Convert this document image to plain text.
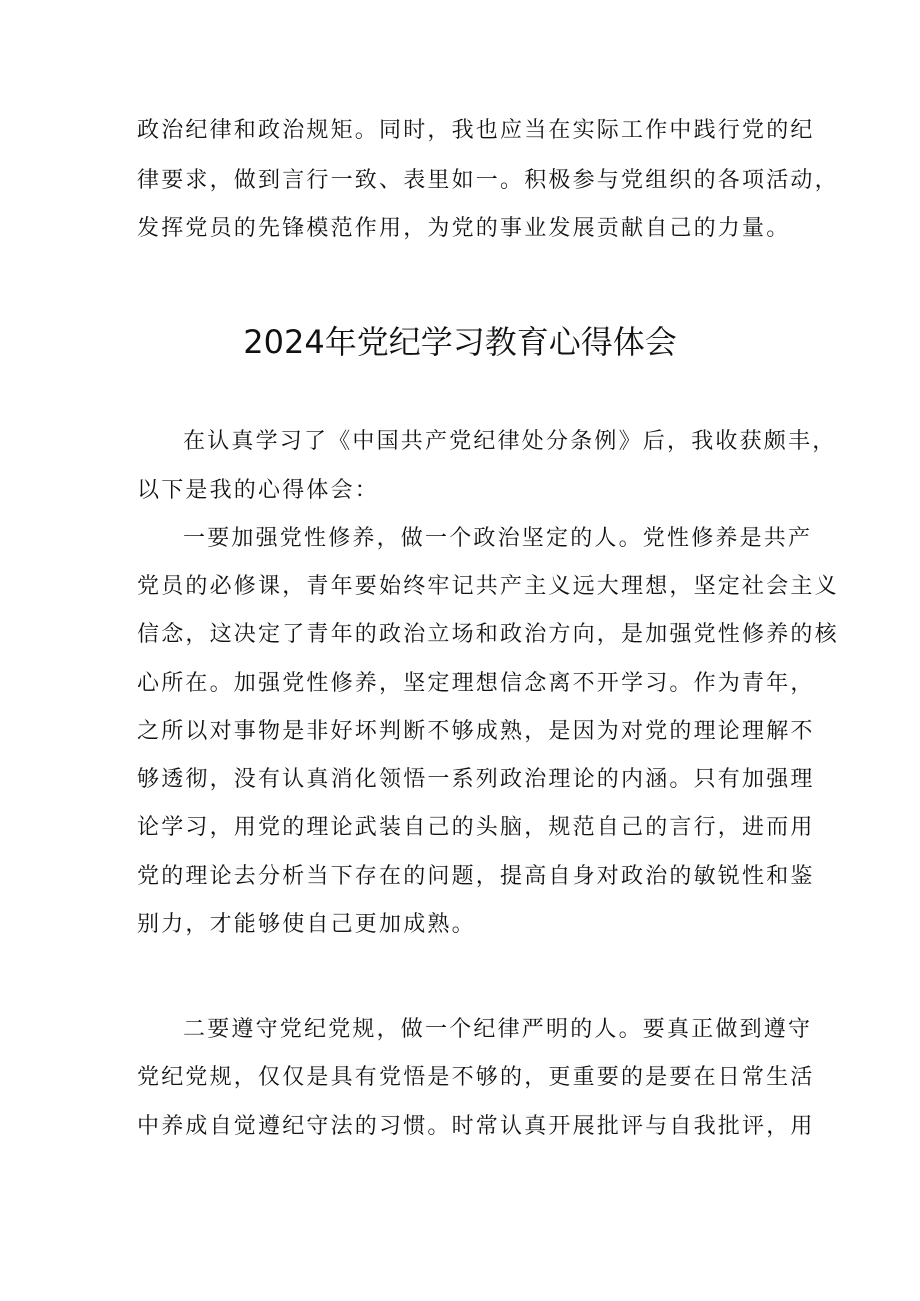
政治纪律和政治规矩。同时，我也应当在实际工作中践行党的纪
律要求，做到言行一致、表里如一。积极参与党组织的各项活动，
发挥党员的先锋模范作用，为党的事业发展贡献自己的力量。
2024年党纪学习教育心得体会
在认真学习了《中国共产党纪律处分条例》后，我收获颇丰，
以下是我的心得体会：
一要加强党性修养，做一个政治坚定的人。党性修养是共产
党员的必修课，青年要始终牢记共产主义远大理想，坚定社会主义
信念，这决定了青年的政治立场和政治方向，是加强党性修养的核
心所在。加强党性修养，坚定理想信念离不开学习。作为青年，
之所以对事物是非好坏判断不够成熟，是因为对党的理论理解不
够透彻，没有认真消化领悟一系列政治理论的内涵。只有加强理
论学习，用党的理论武装自己的头脑，规范自己的言行，进而用
党的理论去分析当下存在的问题，提高自身对政治的敏锐性和鉴
别力，才能够使自己更加成熟。
二要遵守党纪党规，做一个纪律严明的人。要真正做到遵守
党纪党规，仅仅是具有党悟是不够的，更重要的是要在日常生活
中养成自觉遵纪守法的习惯。时常认真开展批评与自我批评，用
